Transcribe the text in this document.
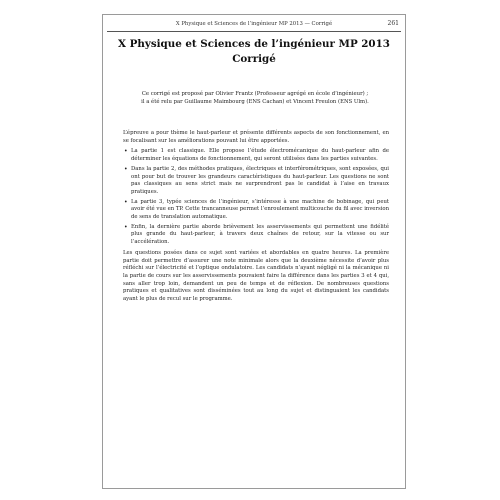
X Physique et Sciences de l’ingénieur MP 2013 — Corrigé	261
X Physique et Sciences de l’ingénieur MP 2013
Corrigé
Ce corrigé est proposé par Olivier Frantz (Professeur agrégé en école d’ingénieur) ;
il a été relu par Guillaume Maimbourg (ENS Cachan) et Vincent Freulon (ENS Ulm).

L’épreuve a pour thème le haut-parleur et présente différents aspects de son fonctionnement, en se focalisant sur les améliorations pouvant lui être apportées.

• La partie 1 est classique. Elle propose l’étude électromécanique du haut-parleur afin de déterminer les équations de fonctionnement, qui seront utilisées dans les parties suivantes.
• Dans la partie 2, des méthodes pratiques, électriques et interférométriques, sont exposées, qui ont pour but de trouver les grandeurs caractéristiques du haut-parleur. Les questions ne sont pas classiques au sens strict mais ne surprendront pas le candidat à l’aise en travaux pratiques.
• La partie 3, typée sciences de l’ingénieur, s’intéresse à une machine de bobinage, qui peut avoir été vue en TP. Cette trancanneuse permet l’enroulement multicouche du fil avec inversion de sens de translation automatique.
• Enfin, la dernière partie aborde brièvement les asservissements qui permettent une fidélité plus grande du haut-parleur, à travers deux chaînes de retour, sur la vitesse ou sur l’accélération.

Les questions posées dans ce sujet sont variées et abordables en quatre heures. La première partie doit permettre d’assurer une note minimale alors que la deuxième nécessite d’avoir plus réfléchi sur l’électricité et l’optique ondulatoire. Les candidats n’ayant négligé ni la mécanique ni la partie de cours sur les asservissements pouvaient faire la différence dans les parties 3 et 4 qui, sans aller trop loin, demandent un peu de temps et de réflexion. De nombreuses questions pratiques et qualitatives sont disséminées tout au long du sujet et distinguaient les candidats ayant le plus de recul sur le programme.
